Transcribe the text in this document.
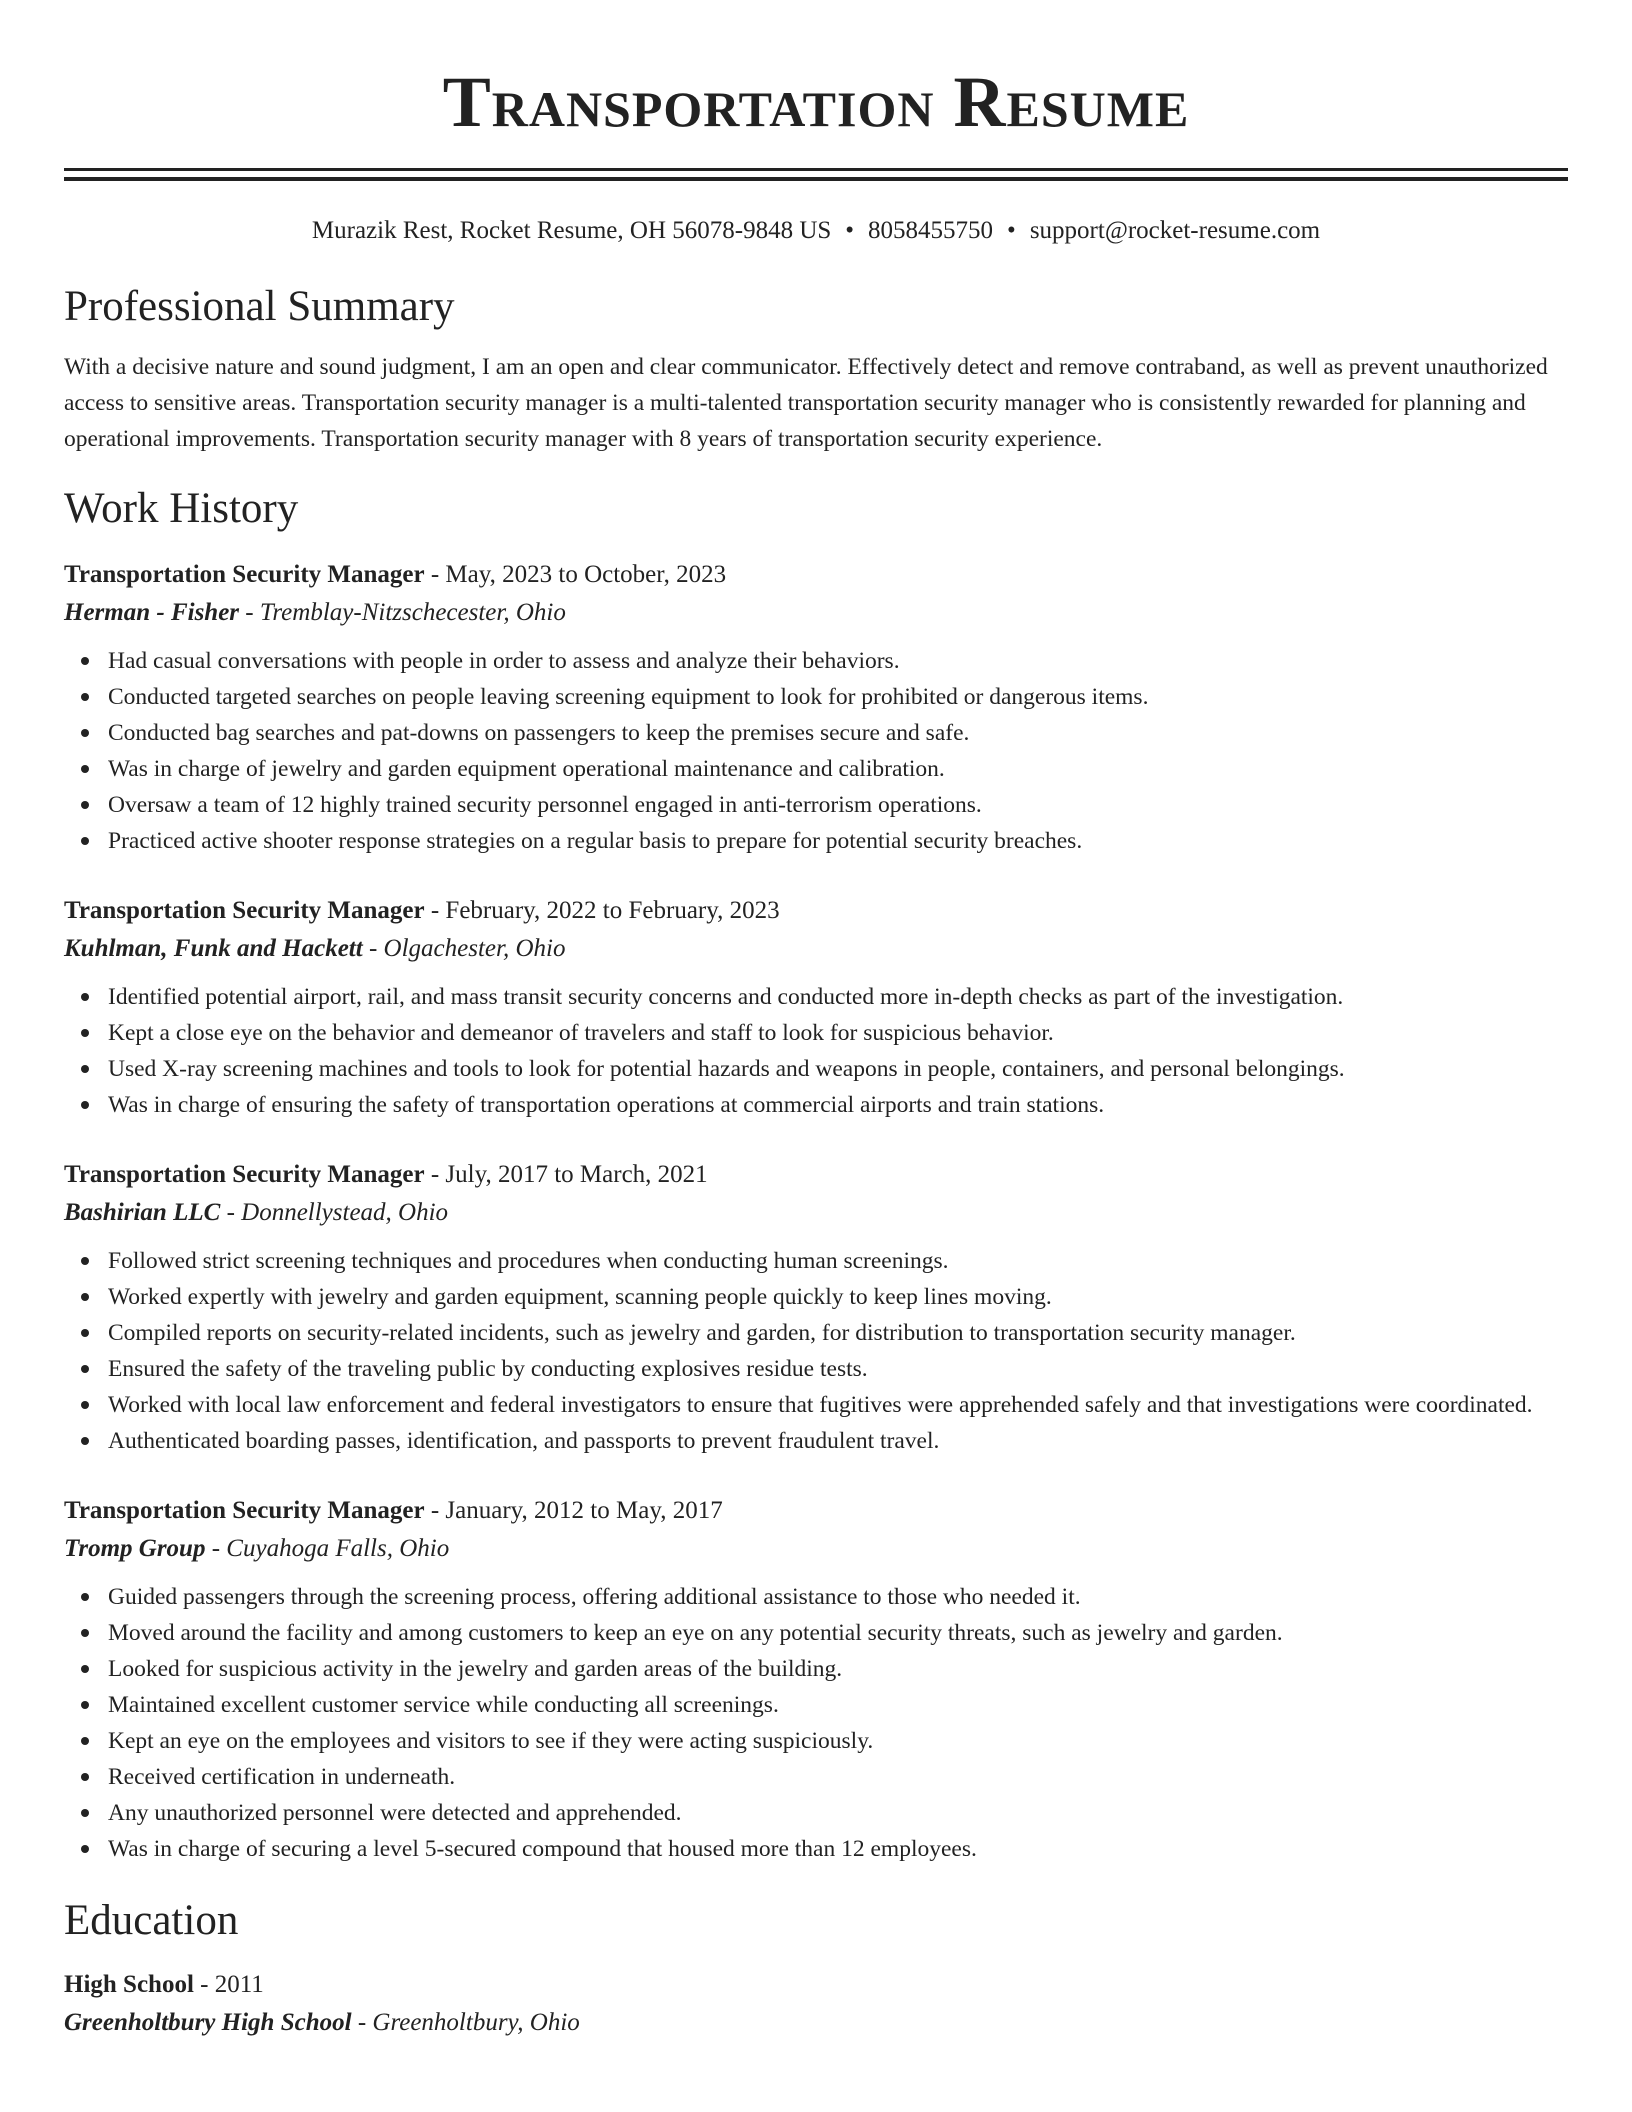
Transportation Resume
Murazik Rest, Rocket Resume, OH 56078-9848 US • 8058455750 • support@rocket-resume.com
Professional Summary
With a decisive nature and sound judgment, I am an open and clear communicator. Effectively detect and remove contraband, as well as prevent unauthorized access to sensitive areas. Transportation security manager is a multi-talented transportation security manager who is consistently rewarded for planning and operational improvements. Transportation security manager with 8 years of transportation security experience.
Work History
Transportation Security Manager - May, 2023 to October, 2023
Herman - Fisher - Tremblay-Nitzschecester, Ohio
Had casual conversations with people in order to assess and analyze their behaviors.
Conducted targeted searches on people leaving screening equipment to look for prohibited or dangerous items.
Conducted bag searches and pat-downs on passengers to keep the premises secure and safe.
Was in charge of jewelry and garden equipment operational maintenance and calibration.
Oversaw a team of 12 highly trained security personnel engaged in anti-terrorism operations.
Practiced active shooter response strategies on a regular basis to prepare for potential security breaches.
Transportation Security Manager - February, 2022 to February, 2023
Kuhlman, Funk and Hackett - Olgachester, Ohio
Identified potential airport, rail, and mass transit security concerns and conducted more in-depth checks as part of the investigation.
Kept a close eye on the behavior and demeanor of travelers and staff to look for suspicious behavior.
Used X-ray screening machines and tools to look for potential hazards and weapons in people, containers, and personal belongings.
Was in charge of ensuring the safety of transportation operations at commercial airports and train stations.
Transportation Security Manager - July, 2017 to March, 2021
Bashirian LLC - Donnellystead, Ohio
Followed strict screening techniques and procedures when conducting human screenings.
Worked expertly with jewelry and garden equipment, scanning people quickly to keep lines moving.
Compiled reports on security-related incidents, such as jewelry and garden, for distribution to transportation security manager.
Ensured the safety of the traveling public by conducting explosives residue tests.
Worked with local law enforcement and federal investigators to ensure that fugitives were apprehended safely and that investigations were coordinated.
Authenticated boarding passes, identification, and passports to prevent fraudulent travel.
Transportation Security Manager - January, 2012 to May, 2017
Tromp Group - Cuyahoga Falls, Ohio
Guided passengers through the screening process, offering additional assistance to those who needed it.
Moved around the facility and among customers to keep an eye on any potential security threats, such as jewelry and garden.
Looked for suspicious activity in the jewelry and garden areas of the building.
Maintained excellent customer service while conducting all screenings.
Kept an eye on the employees and visitors to see if they were acting suspiciously.
Received certification in underneath.
Any unauthorized personnel were detected and apprehended.
Was in charge of securing a level 5-secured compound that housed more than 12 employees.
Education
High School - 2011
Greenholtbury High School - Greenholtbury, Ohio
